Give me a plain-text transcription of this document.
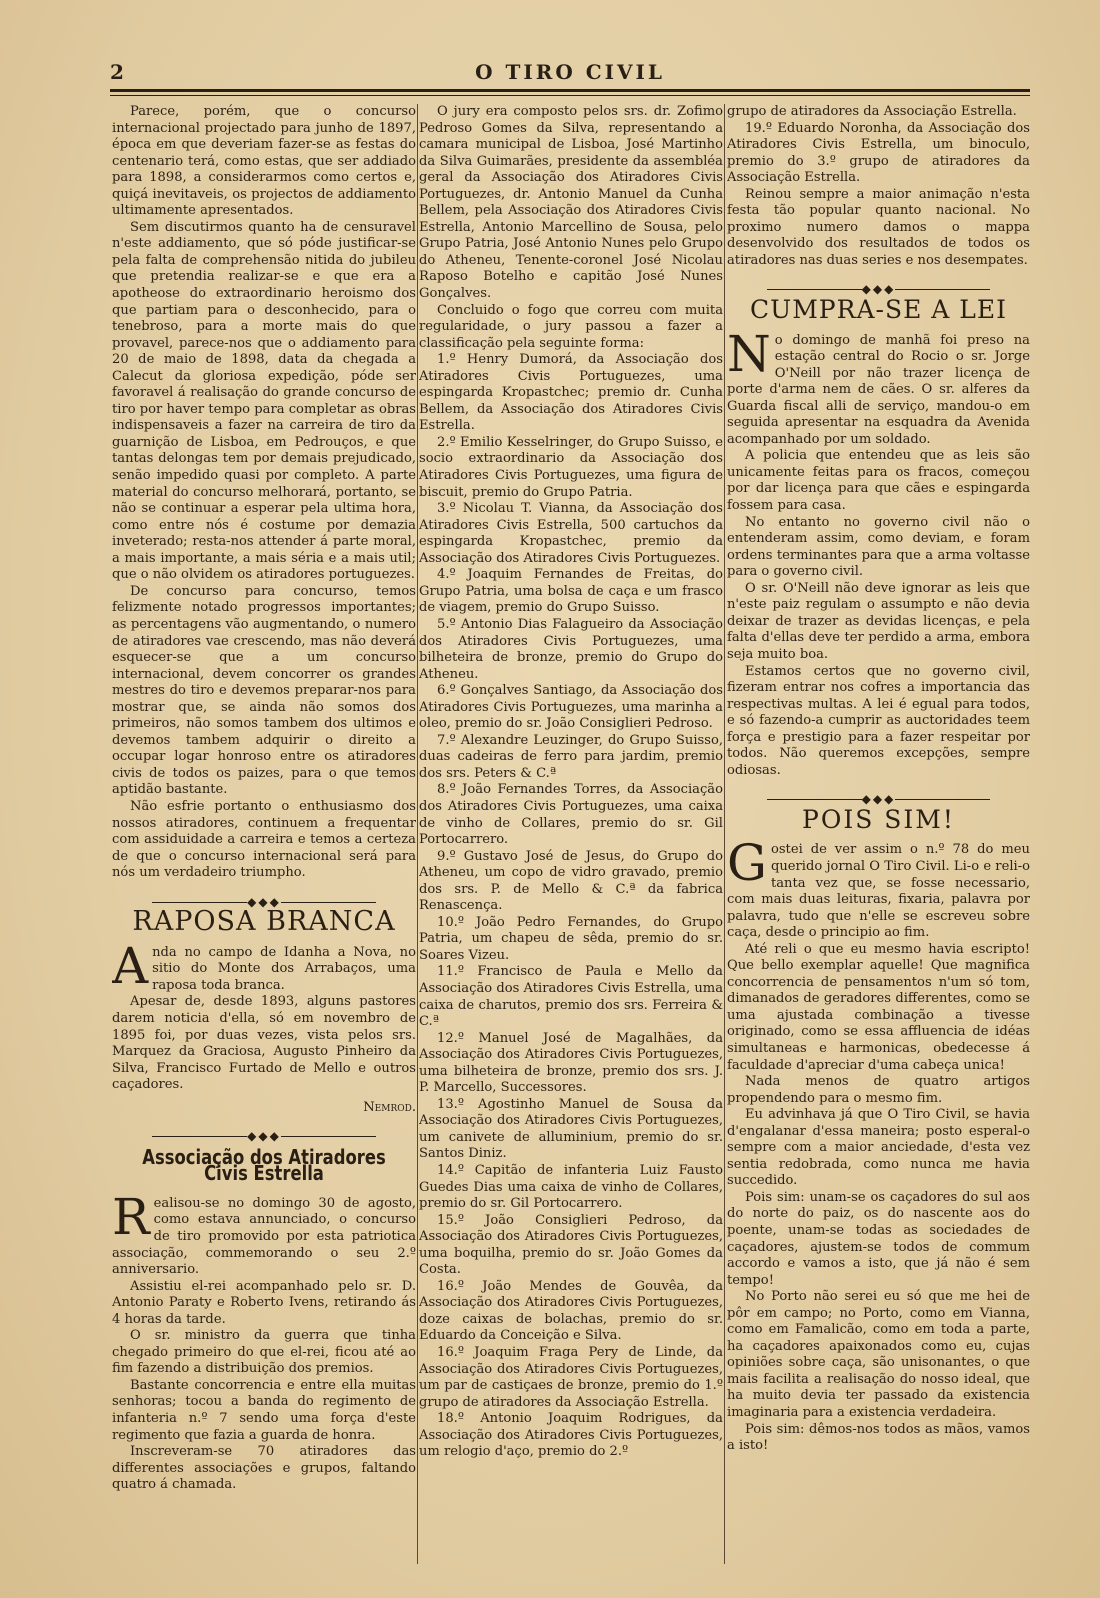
2	O TIRO CIVIL

Parece, porém, que o concurso internacional projectado para junho de 1897, época em que deveriam fazer-se as festas do centenario terá, como estas, que ser addiado para 1898, a considerarmos como certos e, quiçá inevitaveis, os projectos de addiamento ultimamente apresentados.

Sem discutirmos quanto ha de censuravel n'este addiamento, que só póde justificar-se pela falta de comprehensão nitida do jubileu que pretendia realizar-se e que era a apotheose do extraordinario heroismo dos que partiam para o desconhecido, para o tenebroso, para a morte mais do que provavel, parece-nos que o addiamento para 20 de maio de 1898, data da chegada a Calecut da gloriosa expedição, póde ser favoravel á realisação do grande concurso de tiro por haver tempo para completar as obras indispensaveis a fazer na carreira de tiro da guarnição de Lisboa, em Pedrouços, e que tantas delongas tem por demais prejudicado, senão impedido quasi por completo. A parte material do concurso melhorará, portanto, se não se continuar a esperar pela ultima hora, como entre nós é costume por demazia inveterado; resta-nos attender á parte moral, a mais importante, a mais séria e a mais util; que o não olvidem os atiradores portuguezes.

De concurso para concurso, temos felizmente notado progressos importantes; as percentagens vão augmentando, o numero de atiradores vae crescendo, mas não deverá esquecer-se que a um concurso internacional, devem concorrer os grandes mestres do tiro e devemos preparar-nos para mostrar que, se ainda não somos dos primeiros, não somos tambem dos ultimos e devemos tambem adquirir o direito a occupar logar honroso entre os atiradores civis de todos os paizes, para o que temos aptidão bastante.

Não esfrie portanto o enthusiasmo dos nossos atiradores, continuem a frequentar com assiduidade a carreira e temos a certeza de que o concurso internacional será para nós um verdadeiro triumpho.

◆◆◆
RAPOSA BRANCA

Anda no campo de Idanha a Nova, no sitio do Monte dos Arrabaços, uma raposa toda branca.

Apesar de, desde 1893, alguns pastores darem noticia d'ella, só em novembro de 1895 foi, por duas vezes, vista pelos srs. Marquez da Graciosa, Augusto Pinheiro da Silva, Francisco Furtado de Mello e outros caçadores.

Nemrod.
◆◆◆
Associação dos Atiradores Civis Estrella

Realisou-se no domingo 30 de agosto, como estava annunciado, o concurso de tiro promovido por esta patriotica associação, commemorando o seu 2.º anniversario.

Assistiu el-rei acompanhado pelo sr. D. Antonio Paraty e Roberto Ivens, retirando ás 4 horas da tarde.

O sr. ministro da guerra que tinha chegado primeiro do que el-rei, ficou até ao fim fazendo a distribuição dos premios.

Bastante concorrencia e entre ella muitas senhoras; tocou a banda do regimento de infanteria n.º 7 sendo uma força d'este regimento que fazia a guarda de honra.

Inscreveram-se 70 atiradores das differentes associações e grupos, faltando quatro á chamada.

O jury era composto pelos srs. dr. Zofimo Pedroso Gomes da Silva, representando a camara municipal de Lisboa, José Martinho da Silva Guimarães, presidente da assembléa geral da Associação dos Atiradores Civis Portuguezes, dr. Antonio Manuel da Cunha Bellem, pela Associação dos Atiradores Civis Estrella, Antonio Marcellino de Sousa, pelo Grupo Patria, José Antonio Nunes pelo Grupo do Atheneu, Tenente-coronel José Nicolau Raposo Botelho e capitão José Nunes Gonçalves.

Concluido o fogo que correu com muita regularidade, o jury passou a fazer a classificação pela seguinte forma:

1.º Henry Dumorá, da Associação dos Atiradores Civis Portuguezes, uma espingarda Kropastchec; premio dr. Cunha Bellem, da Associação dos Atiradores Civis Estrella.

2.º Emilio Kesselringer, do Grupo Suisso, e socio extraordinario da Associação dos Atiradores Civis Portuguezes, uma figura de biscuit, premio do Grupo Patria.

3.º Nicolau T. Vianna, da Associação dos Atiradores Civis Estrella, 500 cartuchos da espingarda Kropastchec, premio da Associação dos Atiradores Civis Portuguezes.

4.º Joaquim Fernandes de Freitas, do Grupo Patria, uma bolsa de caça e um frasco de viagem, premio do Grupo Suisso.

5.º Antonio Dias Falagueiro da Associação dos Atiradores Civis Portuguezes, uma bilheteira de bronze, premio do Grupo do Atheneu.

6.º Gonçalves Santiago, da Associação dos Atiradores Civis Portuguezes, uma marinha a oleo, premio do sr. João Consiglieri Pedroso.

7.º Alexandre Leuzinger, do Grupo Suisso, duas cadeiras de ferro para jardim, premio dos srs. Peters & C.ª

8.º João Fernandes Torres, da Associação dos Atiradores Civis Portuguezes, uma caixa de vinho de Collares, premio do sr. Gil Portocarrero.

9.º Gustavo José de Jesus, do Grupo do Atheneu, um copo de vidro gravado, premio dos srs. P. de Mello & C.ª da fabrica Renascença.

10.º João Pedro Fernandes, do Grupo Patria, um chapeu de sêda, premio do sr. Soares Vizeu.

11.º Francisco de Paula e Mello da Associação dos Atiradores Civis Estrella, uma caixa de charutos, premio dos srs. Ferreira & C.ª

12.º Manuel José de Magalhães, da Associação dos Atiradores Civis Portuguezes, uma bilheteira de bronze, premio dos srs. J. P. Marcello, Successores.

13.º Agostinho Manuel de Sousa da Associação dos Atiradores Civis Portuguezes, um canivete de alluminium, premio do sr. Santos Diniz.

14.º Capitão de infanteria Luiz Fausto Guedes Dias uma caixa de vinho de Collares, premio do sr. Gil Portocarrero.

15.º João Consiglieri Pedroso, da Associação dos Atiradores Civis Portuguezes, uma boquilha, premio do sr. João Gomes da Costa.

16.º João Mendes de Gouvêa, da Associação dos Atiradores Civis Portuguezes, doze caixas de bolachas, premio do sr. Eduardo da Conceição e Silva.

16.º Joaquim Fraga Pery de Linde, da Associação dos Atiradores Civis Portuguezes, um par de castiçaes de bronze, premio do 1.º grupo de atiradores da Associação Estrella.

18.º Antonio Joaquim Rodrigues, da Associação dos Atiradores Civis Portuguezes, um relogio d'aço, premio do 2.º

grupo de atiradores da Associação Estrella.

19.º Eduardo Noronha, da Associação dos Atiradores Civis Estrella, um binoculo, premio do 3.º grupo de atiradores da Associação Estrella.

Reinou sempre a maior animação n'esta festa tão popular quanto nacional. No proximo numero damos o mappa desenvolvido dos resultados de todos os atiradores nas duas series e nos desempates.

◆◆◆
CUMPRA-SE A LEI

No domingo de manhã foi preso na estação central do Rocio o sr. Jorge O'Neill por não trazer licença de porte d'arma nem de cães. O sr. alferes da Guarda fiscal alli de serviço, mandou-o em seguida apresentar na esquadra da Avenida acompanhado por um soldado.

A policia que entendeu que as leis são unicamente feitas para os fracos, começou por dar licença para que cães e espingarda fossem para casa.

No entanto no governo civil não o entenderam assim, como deviam, e foram ordens terminantes para que a arma voltasse para o governo civil.

O sr. O'Neill não deve ignorar as leis que n'este paiz regulam o assumpto e não devia deixar de trazer as devidas licenças, e pela falta d'ellas deve ter perdido a arma, embora seja muito boa.

Estamos certos que no governo civil, fizeram entrar nos cofres a importancia das respectivas multas. A lei é egual para todos, e só fazendo-a cumprir as auctoridades teem força e prestigio para a fazer respeitar por todos. Não queremos excepções, sempre odiosas.

◆◆◆
POIS SIM!

Gostei de ver assim o n.º 78 do meu querido jornal O Tiro Civil. Li-o e reli-o tanta vez que, se fosse necessario, com mais duas leituras, fixaria, palavra por palavra, tudo que n'elle se escreveu sobre caça, desde o principio ao fim.

Até reli o que eu mesmo havia escripto! Que bello exemplar aquelle! Que magnifica concorrencia de pensamentos n'um só tom, dimanados de geradores differentes, como se uma ajustada combinação a tivesse originado, como se essa affluencia de idéas simultaneas e harmonicas, obedecesse á faculdade d'apreciar d'uma cabeça unica!

Nada menos de quatro artigos propendendo para o mesmo fim.

Eu advinhava já que O Tiro Civil, se havia d'engalanar d'essa maneira; posto esperal-o sempre com a maior anciedade, d'esta vez sentia redobrada, como nunca me havia succedido.

Pois sim: unam-se os caçadores do sul aos do norte do paiz, os do nascente aos do poente, unam-se todas as sociedades de caçadores, ajustem-se todos de commum accordo e vamos a isto, que já não é sem tempo!

No Porto não serei eu só que me hei de pôr em campo; no Porto, como em Vianna, como em Famalicão, como em toda a parte, ha caçadores apaixonados como eu, cujas opiniões sobre caça, são unisonantes, o que mais facilita a realisação do nosso ideal, que ha muito devia ter passado da existencia imaginaria para a existencia verdadeira.

Pois sim: dêmos-nos todos as mãos, vamos a isto!
